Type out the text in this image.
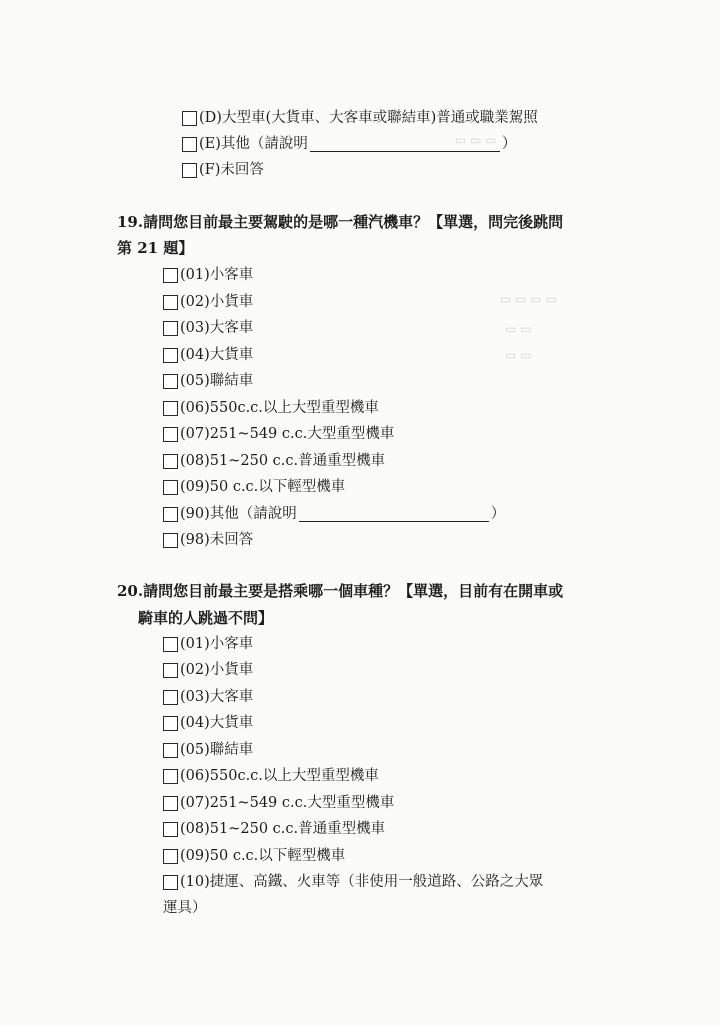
▭ ▭ ▭
▭ ▭ ▭ ▭
▭ ▭
▭ ▭
(D) 大型車(大貨車、大客車或聯結車)普通或職業駕照
(E) 其他（請說明	）
(F) 未回答
19.請問您目前最主要駕駛的是哪一種汽機車？【單選，問完後跳問
第 21 題】
(01) 小客車
(02) 小貨車
(03) 大客車
(04) 大貨車
(05) 聯結車
(06) 550c.c.以上大型重型機車
(07) 251~549 c.c.大型重型機車
(08) 51~250 c.c.普通重型機車
(09) 50 c.c.以下輕型機車
(90) 其他（請說明	）
(98) 未回答
20.請問您目前最主要是搭乘哪一個車種？【單選，目前有在開車或
騎車的人跳過不問】
(01) 小客車
(02) 小貨車
(03) 大客車
(04) 大貨車
(05) 聯結車
(06) 550c.c.以上大型重型機車
(07) 251~549 c.c.大型重型機車
(08) 51~250 c.c.普通重型機車
(09) 50 c.c.以下輕型機車
(10) 捷運、高鐵、火車等（非使用一般道路、公路之大眾
運具）
